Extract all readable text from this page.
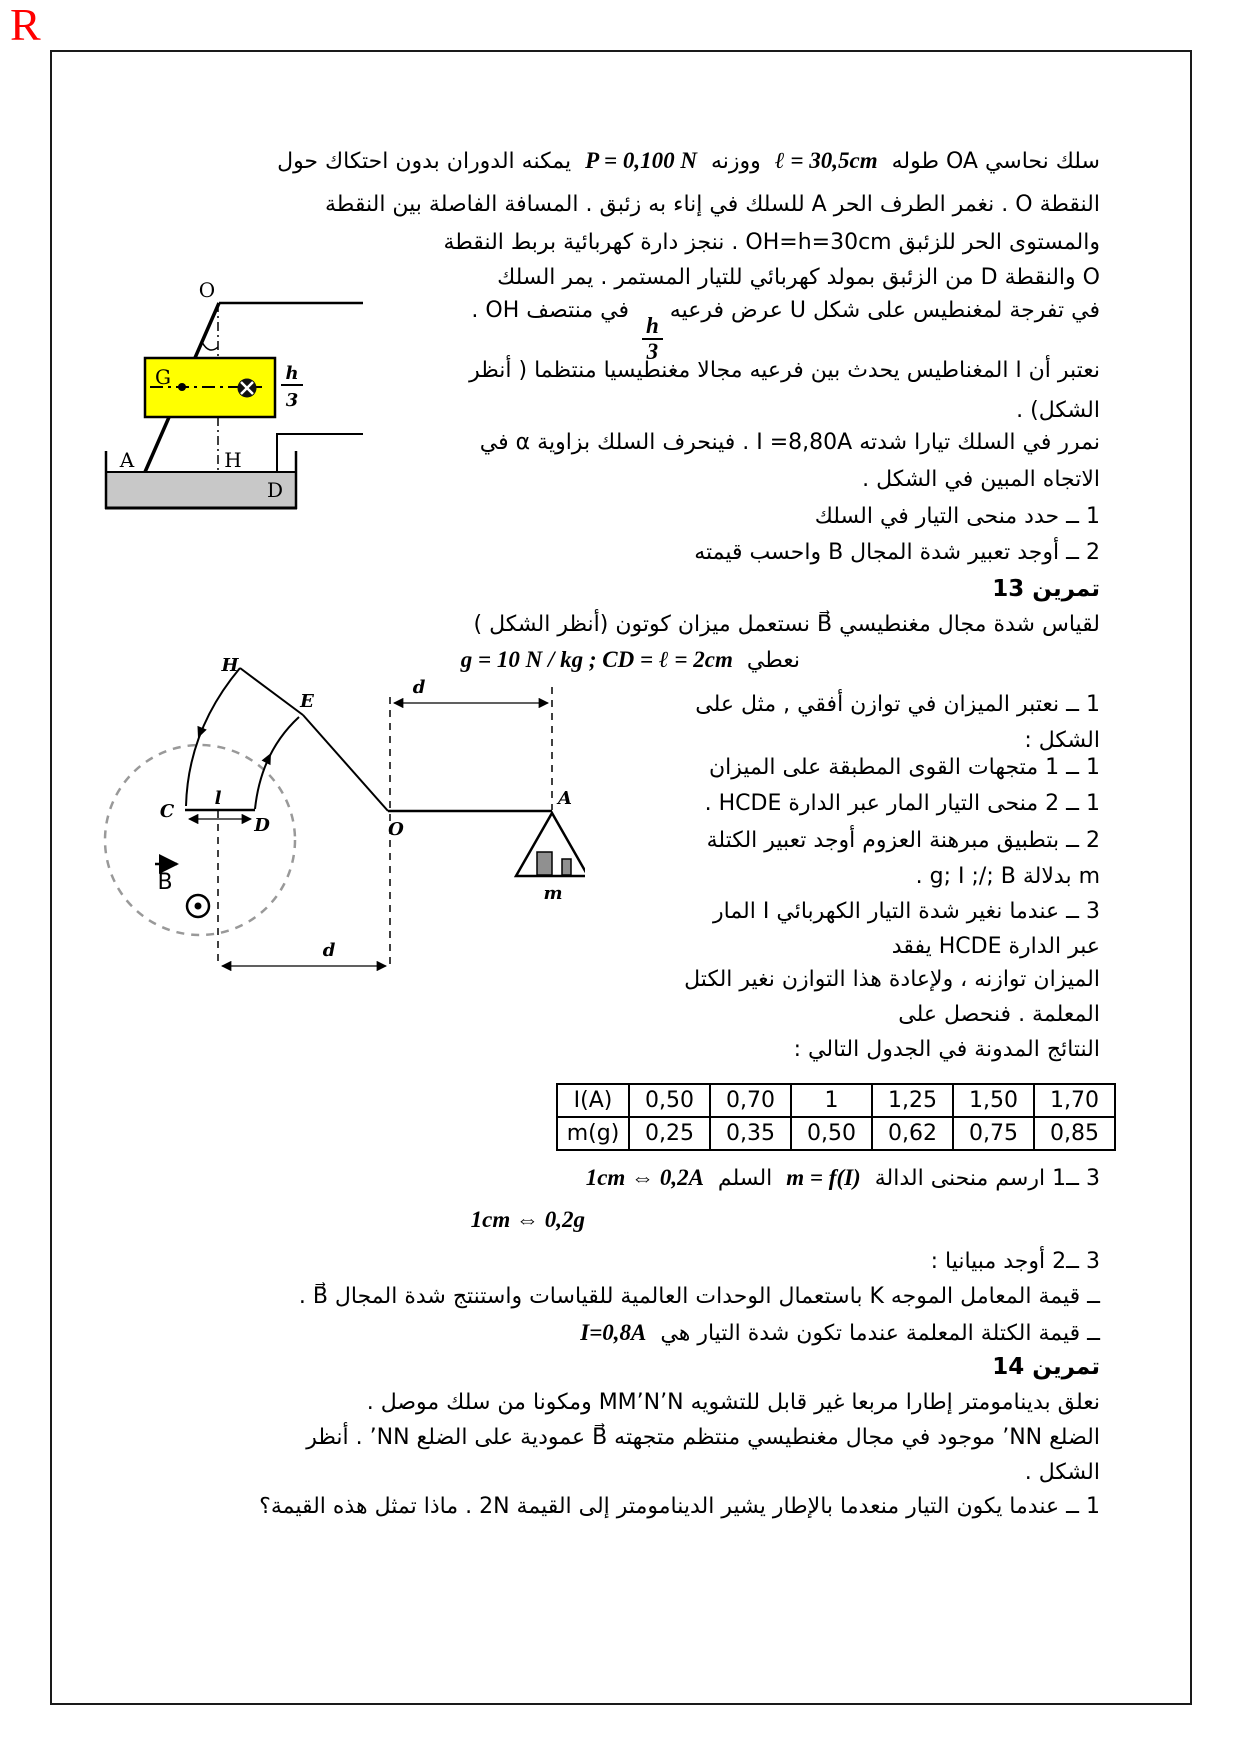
R
سلك نحاسي OA طوله ℓ = 30,5cm ووزنه P = 0,100 N يمكنه الدوران بدون احتكاك حول
النقطة O . نغمر الطرف الحر A للسلك في إناء به زئبق . المسافة الفاصلة بين النقطة
والمستوى الحر للزئبق OH=h=30cm . ننجز دارة كهربائية بربط النقطة
O والنقطة D من الزئبق بمولد كهربائي للتيار المستمر . يمر السلك
في تفرجة لمغنطيس على شكل U عرض فرعيه
$\frac{h}{3}$
في منتصف OH .
نعتبر أن ا المغناطيس يحدث بين فرعيه مجالا مغنطيسيا منتظما ( أنظر
الشكل) .
نمرر في السلك تيارا شدته I =8,80A . فينحرف السلك بزاوية α في
الاتجاه المبين في الشكل .
1 ــ حدد منحى التيار في السلك
2 ــ أوجد تعبير شدة المجال B واحسب قيمته
O
G	h
3
A	H
D
تمرين 13
لقياس شدة مجال مغنطيسي B⃗ نستعمل ميزان كوتون (أنظر الشكل )
نعطي g = 10 N / kg ; CD = ℓ = 2cm
B
H
E
C
D	O
A
l
d
d
m
1 ــ نعتبر الميزان في توازن أفقي , مثل على
الشكل :
1 ــ 1 متجهات القوى المطبقة على الميزان
1 ــ 2 منحى التيار المار عبر الدارة HCDE .
2 ــ بتطبيق مبرهنة العزوم أوجد تعبير الكتلة
m بدلالة g; I ;/; B .
3 ــ عندما نغير شدة التيار الكهربائي I المار
عبر الدارة HCDE يفقد
الميزان توازنه ، ولإعادة هذا التوازن نغير الكتل
المعلمة . فنحصل على
النتائج المدونة في الجدول التالي :
I(A)	0,50	0,70	1	1,25	1,50	1,70
m(g)	0,25	0,35	0,50	0,62	0,75	0,85
3 ــ1 ارسم منحنى الدالة m = f(I) السلم 1cm ⇔ 0,2A
1cm ⇔ 0,2g
3 ــ2 أوجد مبيانيا :
ــ قيمة المعامل الموجه K باستعمال الوحدات العالمية للقياسات واستنتج شدة المجال B⃗ .
ــ قيمة الكتلة المعلمة عندما تكون شدة التيار هي I=0,8A
تمرين 14
نعلق بدينامومتر إطارا مربعا غير قابل للتشويه MM’N’N ومكونا من سلك موصل .
الضلع NN’ موجود في مجال مغنطيسي منتظم متجهته B⃗ عمودية على الضلع NN’ . أنظر
الشكل .
1 ــ عندما يكون التيار منعدما بالإطار يشير الدينامومتر إلى القيمة 2N . ماذا تمثل هذه القيمة؟
